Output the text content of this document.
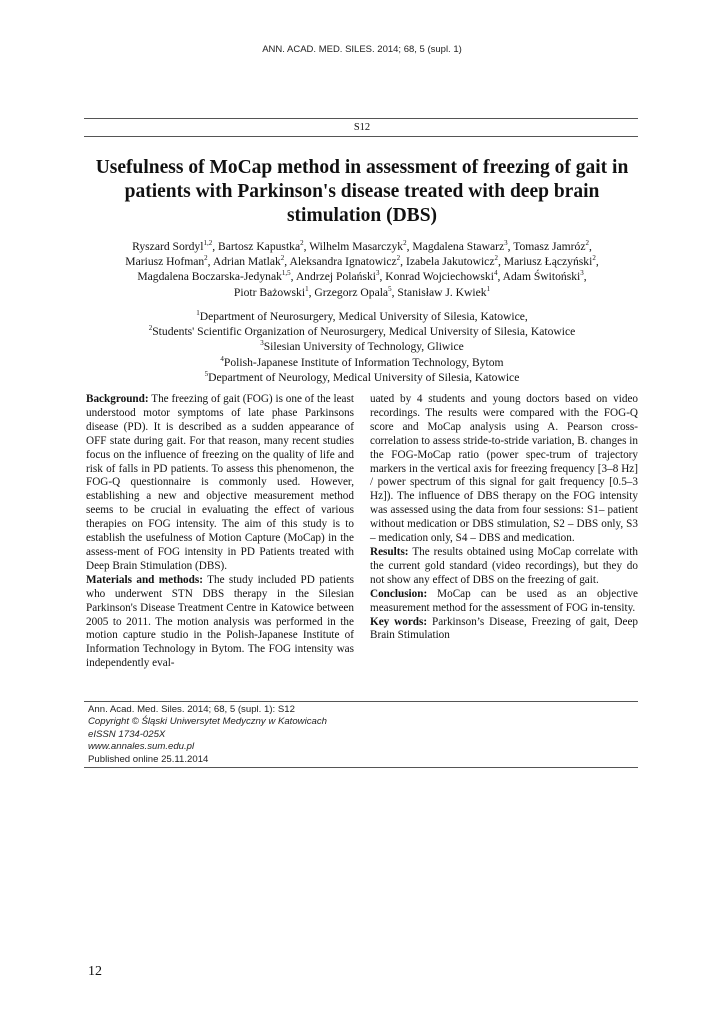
ANN. ACAD. MED. SILES. 2014; 68, 5 (supl. 1)
S12
Usefulness of MoCap method in assessment of freezing of gait in patients with Parkinson's disease treated with deep brain stimulation (DBS)
Ryszard Sordyl$^{1,2}$, Bartosz Kapustka$^2$, Wilhelm Masarczyk$^2$, Magdalena Stawarz$^3$, Tomasz Jamróz$^2$,
Mariusz Hofman$^2$, Adrian Matlak$^2$, Aleksandra Ignatowicz$^2$, Izabela Jakutowicz$^2$, Mariusz Łączyński$^2$,
Magdalena Boczarska-Jedynak$^{1,5}$, Andrzej Polański$^3$, Konrad Wojciechowski$^4$, Adam Świtoński$^3$,
Piotr Bażowski$^1$, Grzegorz Opala$^5$, Stanisław J. Kwiek$^1$
$^1$Department of Neurosurgery, Medical University of Silesia, Katowice,
$^2$Students' Scientific Organization of Neurosurgery, Medical University of Silesia, Katowice
$^3$Silesian University of Technology, Gliwice
$^4$Polish-Japanese Institute of Information Technology, Bytom
$^5$Department of Neurology, Medical University of Silesia, Katowice

Background: The freezing of gait (FOG) is one of the least understood motor symptoms of late phase Parkinsons disease (PD). It is described as a sudden appearance of OFF state during gait. For that reason, many recent studies focus on the influence of freezing on the quality of life and risk of falls in PD patients. To assess this phenomenon, the FOG-Q questionnaire is commonly used. However, establishing a new and objective measurement method seems to be crucial in evaluating the effect of various therapies on FOG intensity. The aim of this study is to establish the usefulness of Motion Capture (MoCap) in the assess-ment of FOG intensity in PD Patients treated with Deep Brain Stimulation (DBS).

Materials and methods: The study included PD patients who underwent STN DBS therapy in the Silesian Parkinson's Disease Treatment Centre in Katowice between 2005 to 2011. The motion analysis was performed in the motion capture studio in the Polish-Japanese Institute of Information Technology in Bytom. The FOG intensity was independently eval-

uated by 4 students and young doctors based on video recordings. The results were compared with the FOG-Q score and MoCap analysis using A. Pearson cross-correlation to assess stride-to-stride variation, B. changes in the FOG-MoCap ratio (power spec-trum of trajectory markers in the vertical axis for freezing frequency [3–8 Hz] / power spectrum of this signal for gait frequency [0.5–3 Hz]). The influence of DBS therapy on the FOG intensity was assessed using the data from four sessions: S1– patient without medication or DBS stimulation, S2 – DBS only, S3 – medication only, S4 – DBS and medication.

Results: The results obtained using MoCap correlate with the current gold standard (video recordings), but they do not show any effect of DBS on the freezing of gait.

Conclusion: MoCap can be used as an objective measurement method for the assessment of FOG in-tensity.

Key words: Parkinson’s Disease, Freezing of gait, Deep Brain Stimulation

Ann. Acad. Med. Siles. 2014; 68, 5 (supl. 1): S12
Copyright © Śląski Uniwersytet Medyczny w Katowicach
eISSN 1734-025X
www.annales.sum.edu.pl
Published online 25.11.2014
12
